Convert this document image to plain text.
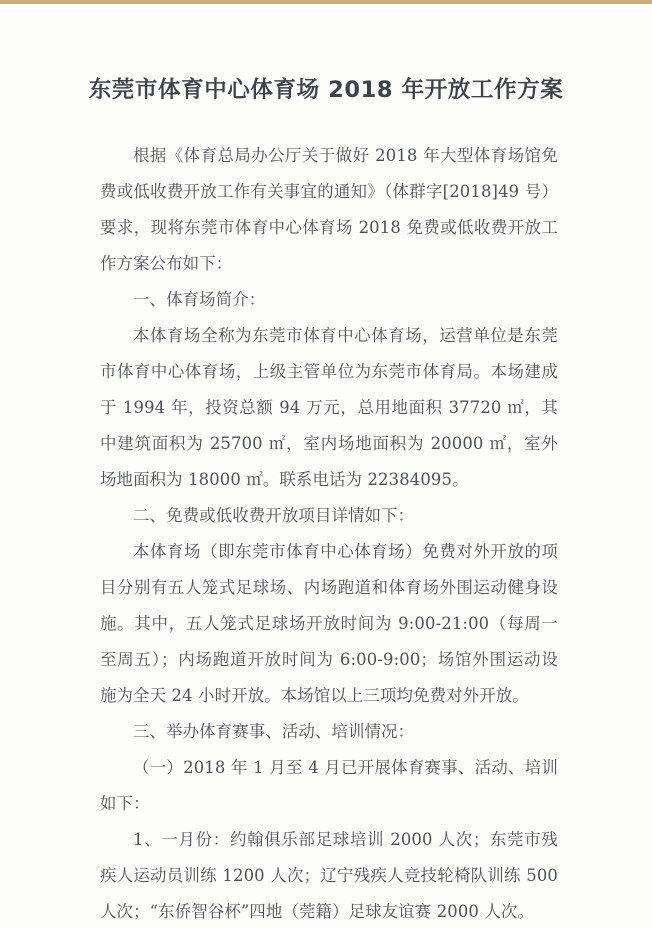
东莞市体育中心体育场 2018 年开放工作方案

根据《体育总局办公厅关于做好 2018 年大型体育场馆免费或低收费开放工作有关事宜的通知》（体群字[2018]49 号）要求，现将东莞市体育中心体育场 2018 免费或低收费开放工作方案公布如下：

一、体育场简介：

本体育场全称为东莞市体育中心体育场，运营单位是东莞市体育中心体育场，上级主管单位为东莞市体育局。本场建成于 1994 年，投资总额 94 万元，总用地面积 37720 ㎡，其中建筑面积为 25700 ㎡，室内场地面积为 20000 ㎡，室外场地面积为 18000 ㎡。联系电话为 22384095。

二、免费或低收费开放项目详情如下：

本体育场（即东莞市体育中心体育场）免费对外开放的项目分别有五人笼式足球场、内场跑道和体育场外围运动健身设施。其中，五人笼式足球场开放时间为 9:00-21:00（每周一至周五）；内场跑道开放时间为 6:00-9:00；场馆外围运动设施为全天 24 小时开放。本场馆以上三项均免费对外开放。

三、举办体育赛事、活动、培训情况：

（一）2018 年 1 月至 4 月已开展体育赛事、活动、培训如下：

1、一月份：约翰俱乐部足球培训 2000 人次；东莞市残疾人运动员训练 1200 人次；辽宁残疾人竞技轮椅队训练 500 人次；“东侨智谷杯”四地（莞籍）足球友谊赛 2000 人次。
